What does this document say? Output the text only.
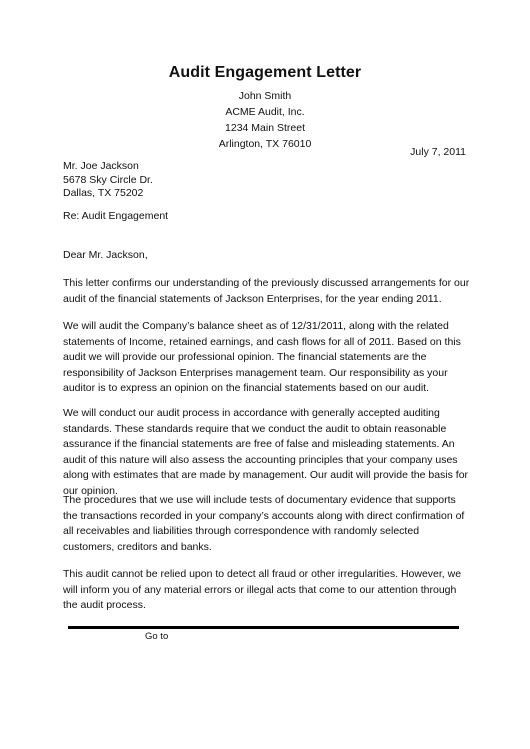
Audit Engagement Letter
John Smith
ACME Audit, Inc.
1234 Main Street
Arlington, TX 76010
July 7, 2011
Mr. Joe Jackson
5678 Sky Circle Dr.
Dallas, TX 75202
Re: Audit Engagement
Dear Mr. Jackson,

This letter confirms our understanding of the previously discussed arrangements for our audit of the financial statements of Jackson Enterprises, for the year ending 2011.

We will audit the Company’s balance sheet as of 12/31/2011, along with the related statements of Income, retained earnings, and cash flows for all of 2011. Based on this audit we will provide our professional opinion. The financial statements are the responsibility of Jackson Enterprises management team. Our responsibility as your auditor is to express an opinion on the financial statements based on our audit.

We will conduct our audit process in accordance with generally accepted auditing standards. These standards require that we conduct the audit to obtain reasonable assurance if the financial statements are free of false and misleading statements. An audit of this nature will also assess the accounting principles that your company uses along with estimates that are made by management. Our audit will provide the basis for our opinion.

The procedures that we use will include tests of documentary evidence that supports the transactions recorded in your company’s accounts along with direct confirmation of all receivables and liabilities through correspondence with randomly selected customers, creditors and banks.

This audit cannot be relied upon to detect all fraud or other irregularities. However, we will inform you of any material errors or illegal acts that come to our attention through the audit process.

Go to
